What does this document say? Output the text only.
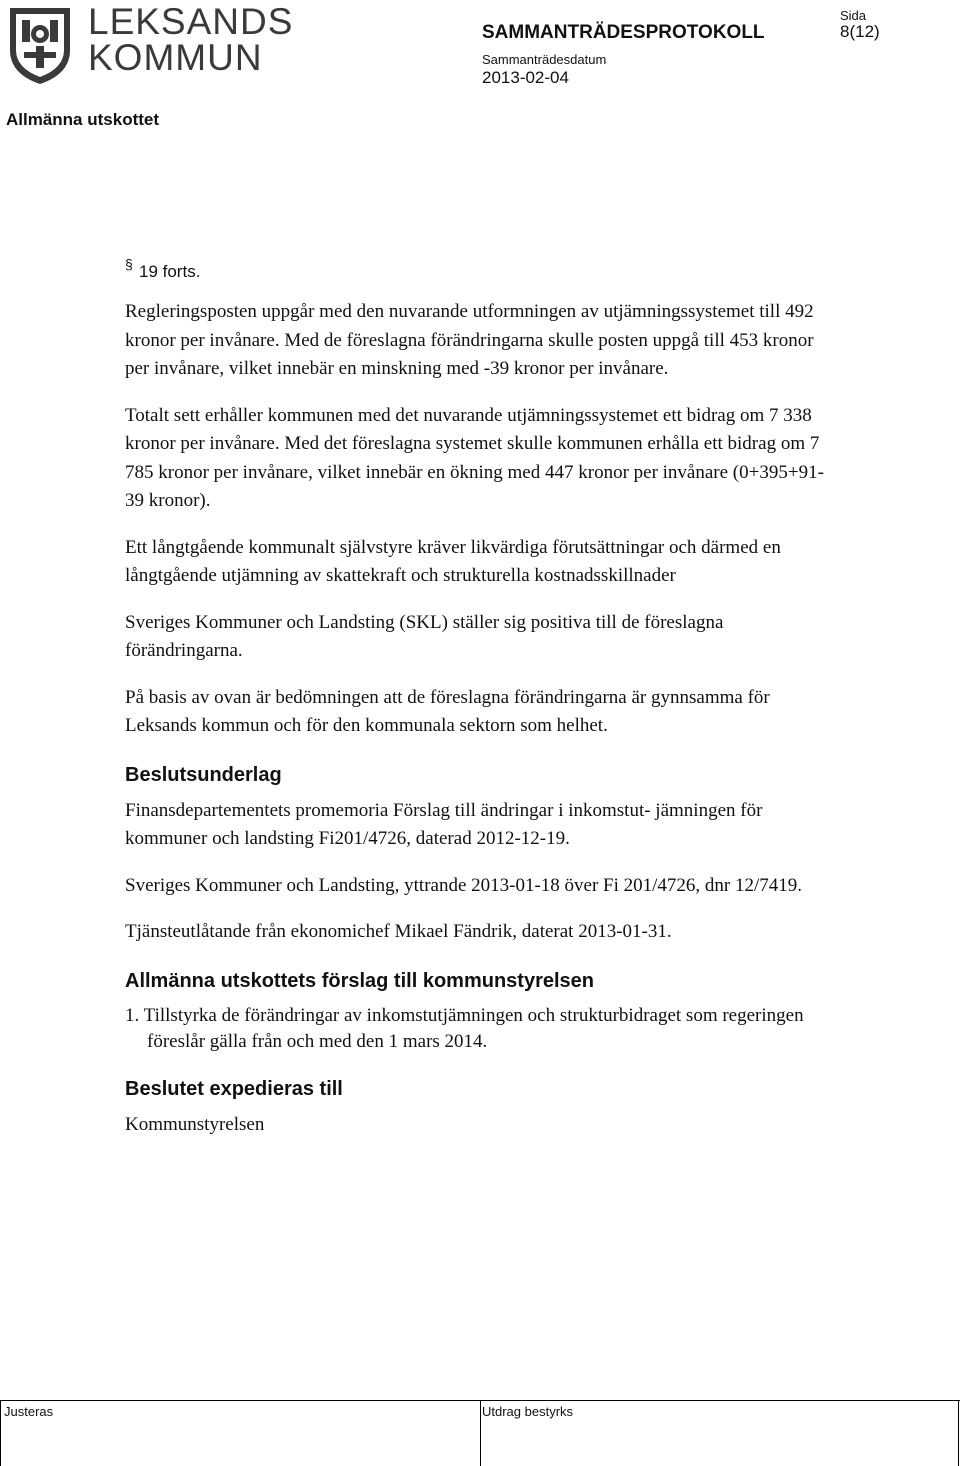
LEKSANDS
KOMMUN
SAMMANTRÄDESPROTOKOLL
Sammanträdesdatum
2013-02-04
Sida
8(12)
Allmänna utskottet
§ 19 forts.

Regleringsposten uppgår med den nuvarande utformningen av utjämningssystemet till 492 kronor per invånare. Med de föreslagna förändringarna skulle posten uppgå till 453 kronor per invånare, vilket innebär en minskning med -39 kronor per invånare.

Totalt sett erhåller kommunen med det nuvarande utjämningssystemet ett bidrag om 7 338 kronor per invånare. Med det föreslagna systemet skulle kommunen erhålla ett bidrag om 7 785 kronor per invånare, vilket innebär en ökning med 447 kronor per invånare (0+395+91-39 kronor).

Ett långtgående kommunalt självstyre kräver likvärdiga förutsättningar och därmed en långtgående utjämning av skattekraft och strukturella kostnadsskillnader

Sveriges Kommuner och Landsting (SKL) ställer sig positiva till de föreslagna förändringarna.

På basis av ovan är bedömningen att de föreslagna förändringarna är gynnsamma för Leksands kommun och för den kommunala sektorn som helhet.

Beslutsunderlag

Finansdepartementets promemoria Förslag till ändringar i inkomstut- jämningen för kommuner och landsting Fi201/4726, daterad 2012-12-19.

Sveriges Kommuner och Landsting, yttrande 2013-01-18 över Fi 201/4726, dnr 12/7419.

Tjänsteutlåtande från ekonomichef Mikael Fändrik, daterat 2013-01-31.

Allmänna utskottets förslag till kommunstyrelsen
1. Tillstyrka de förändringar av inkomstutjämningen och strukturbidraget som regeringen föreslår gälla från och med den 1 mars 2014.
Beslutet expedieras till

Kommunstyrelsen

Justeras	Utdrag bestyrks
